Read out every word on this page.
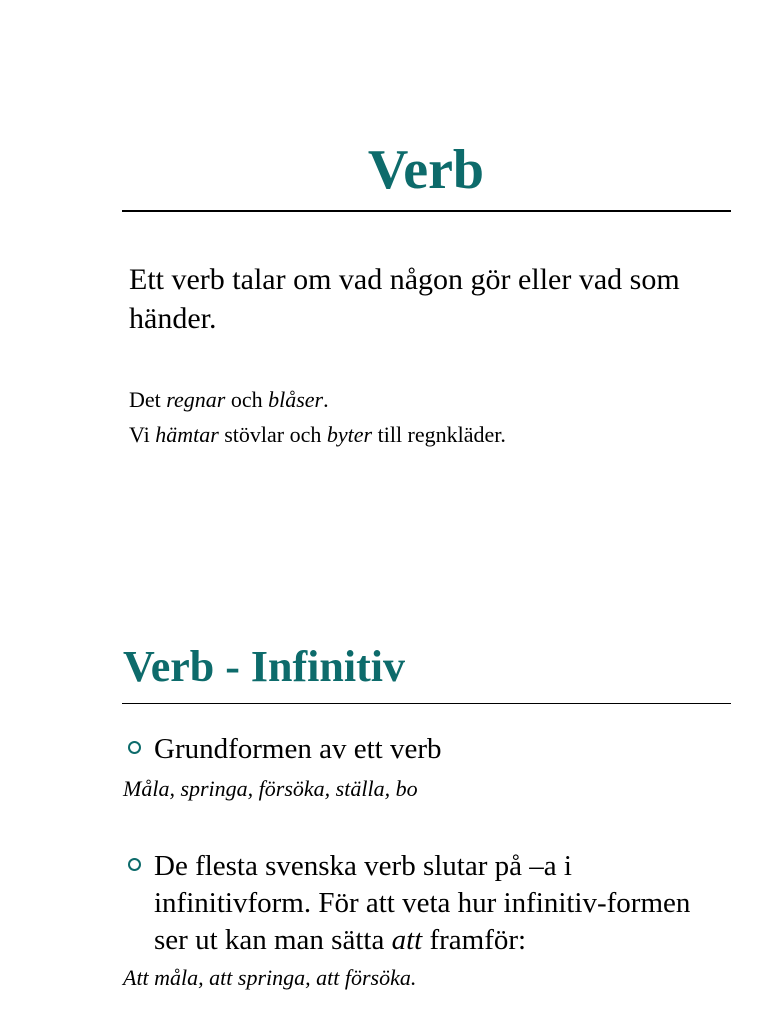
Verb

Ett verb talar om vad någon gör eller vad som händer.

Det regnar och blåser.

Vi hämtar stövlar och byter till regnkläder.

Verb - Infinitiv
Grundformen av ett verb

Måla, springa, försöka, ställa, bo

De flesta svenska verb slutar på –a i infinitivform. För att veta hur infinitiv-formen ser ut kan man sätta att framför:

Att måla, att springa, att försöka.
